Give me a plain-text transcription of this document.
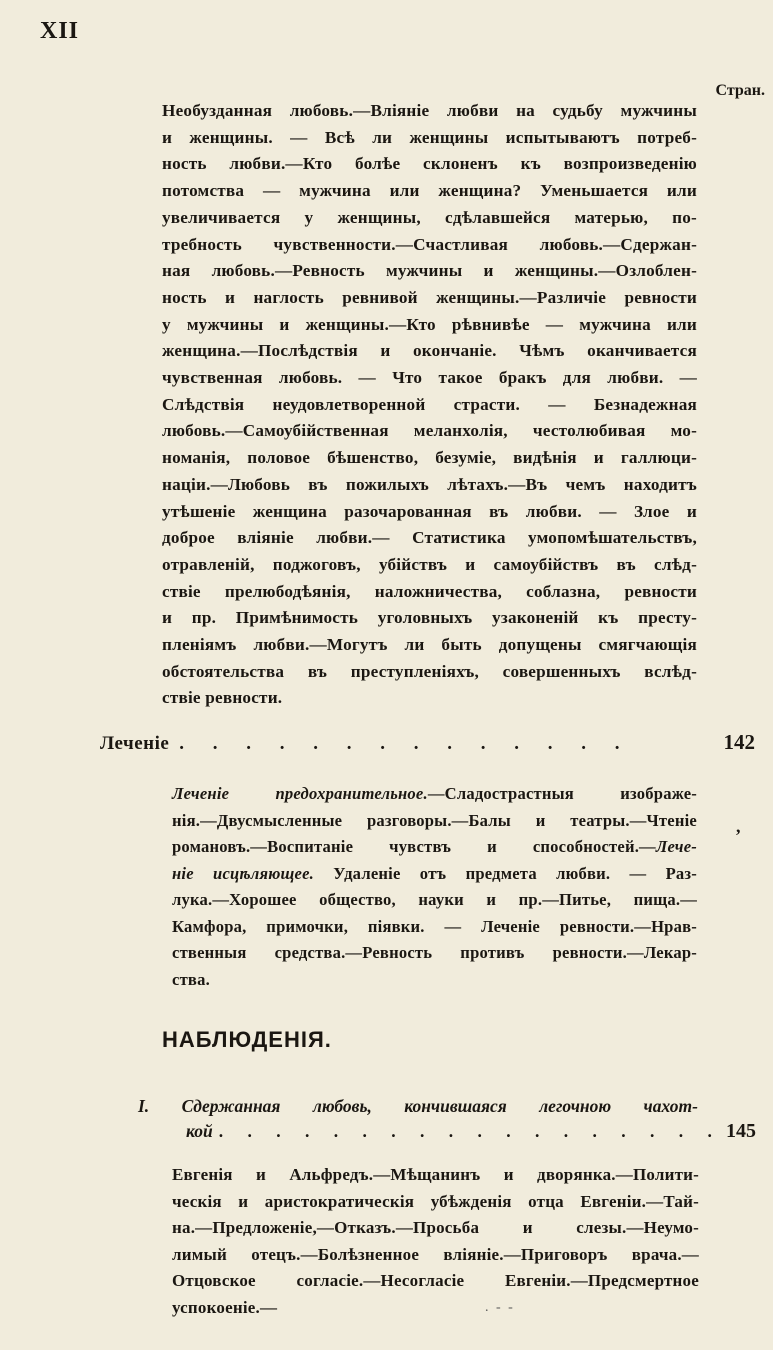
XII
Стран.
Необузданная любовь.—Вліяніе любви на судьбу мужчины
и женщины. — Всѣ ли женщины испытываютъ потреб-
ность любви.—Кто болѣе склоненъ къ возпроизведенію
потомства — мужчина или женщина? Уменьшается или
увеличивается у женщины, сдѣлавшейся матерью, по-
требность чувственности.—Счастливая любовь.—Сдержан-
ная любовь.—Ревность мужчины и женщины.—Озлоблен-
ность и наглость ревнивой женщины.—Различіе ревности
у мужчины и женщины.—Кто рѣвнивѣе — мужчина или
женщина.—Послѣдствія и окончаніе. Чѣмъ оканчивается
чувственная любовь. — Что такое бракъ для любви. —
Слѣдствія неудовлетворенной страсти. — Безнадежная
любовь.—Самоубійственная меланхолія, честолюбивая мо-
номанія, половое бѣшенство, безуміе, видѣнія и галлюци-
націи.—Любовь въ пожилыхъ лѣтахъ.—Въ чемъ находитъ
утѣшеніе женщина разочарованная въ любви. — Злое и
доброе вліяніе любви.— Статистика умопомѣшательствъ,
отравленій, поджоговъ, убійствъ и самоубійствъ въ слѣд-
ствіе прелюбодѣянія, наложничества, соблазна, ревности
и пр. Примѣнимость уголовныхъ узаконеній къ престу-
пленіямъ любви.—Могутъ ли быть допущены смягчающія
обстоятельства въ преступленіяхъ, совершенныхъ вслѣд-
ствіе ревности.
Леченіе . . . . . . . . . . . . . .	142
Леченіе предохранительное.—Сладострастныя изображе-
нія.—Двусмысленные разговоры.—Балы и театры.—Чтеніе
романовъ.—Воспитаніе чувствъ и способностей.—Лече-
ніе исцѣляющее. Удаленіе отъ предмета любви. — Раз-
лука.—Хорошее общество, науки и пр.—Питье, пища.—
Камфора, примочки, піявки. — Леченіе ревности.—Нрав-
ственныя средства.—Ревность противъ ревности.—Лекар-
ства.
,
НАБЛЮДЕНІЯ.
I. Сдержанная любовь, кончившаяся легочною чахот-
кой . . . . . . . . . . . . . . . . . . 145
Евгенія и Альфредъ.—Мѣщанинъ и дворянка.—Полити-
ческія и аристократическія убѣжденія отца Евгеніи.—Тай-
на.—Предложеніе,—Отказъ.—Просьба и слезы.—Неумо-
лимый отецъ.—Болѣзненное вліяніе.—Приговоръ врача.—
Отцовское согласіе.—Несогласіе Евгеніи.—Предсмертное
успокоеніе.—	. - -
